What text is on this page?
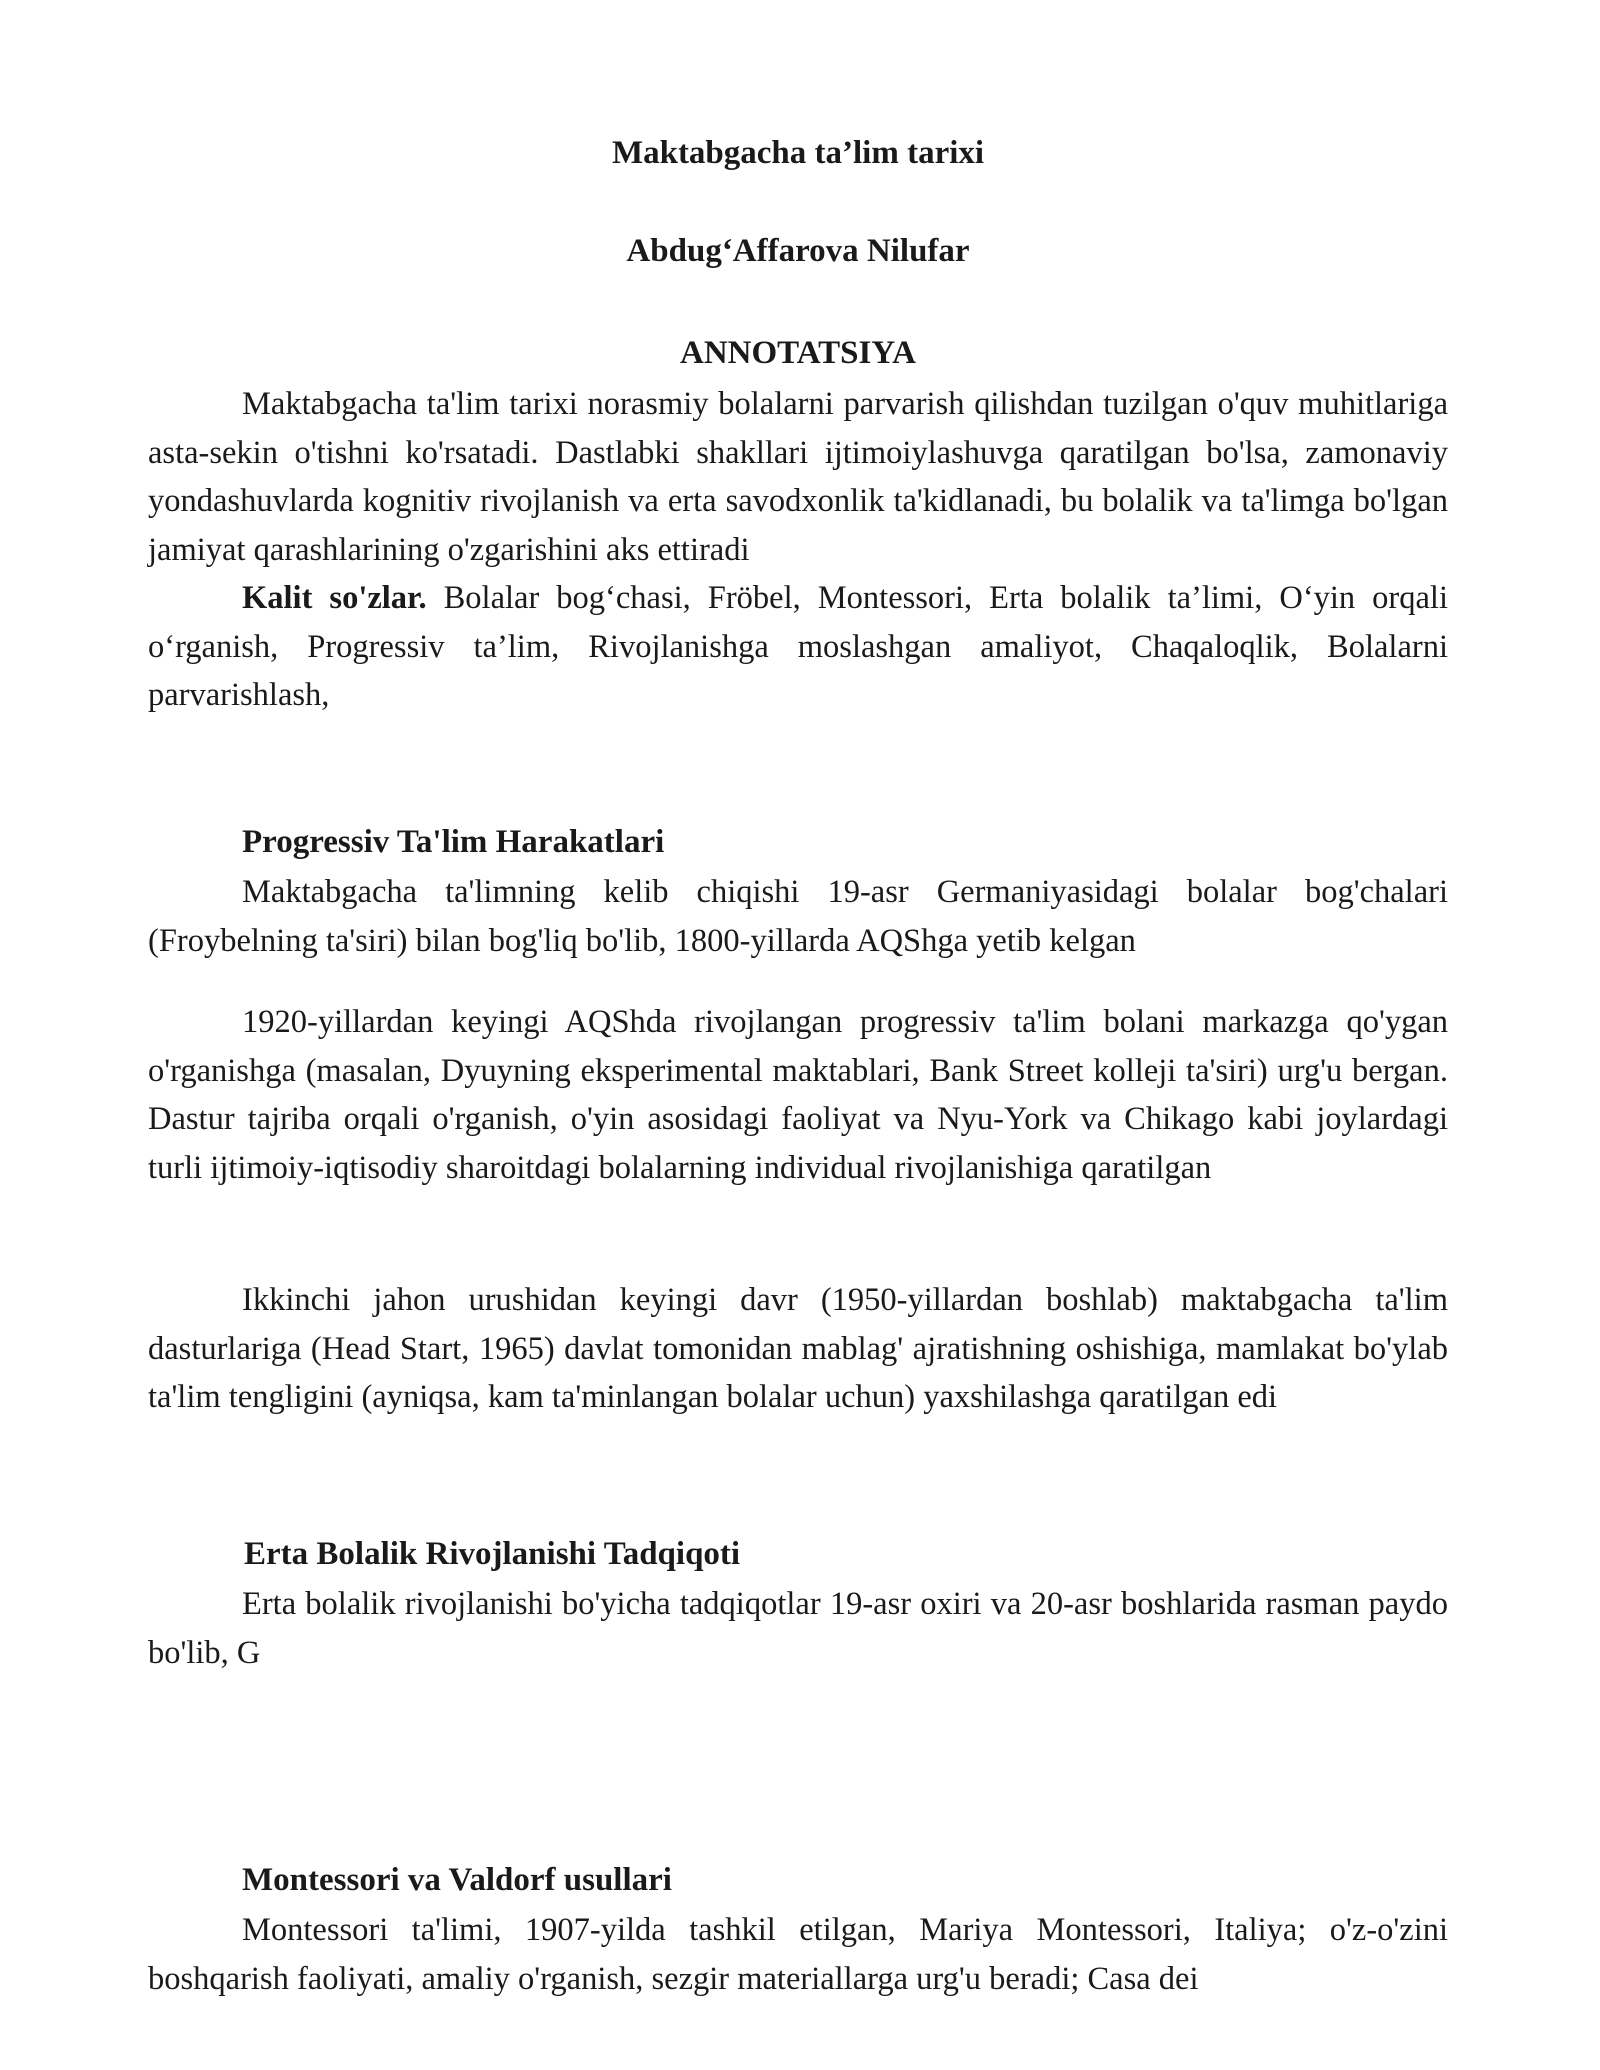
Maktabgacha ta’lim tarixi
Abdug‘Affarova Nilufar
ANNOTATSIYA

Maktabgacha ta'lim tarixi norasmiy bolalarni parvarish qilishdan tuzilgan o'quv muhitlariga asta-sekin o'tishni ko'rsatadi. Dastlabki shakllari ijtimoiylashuvga qaratilgan bo'lsa, zamonaviy yondashuvlarda kognitiv rivojlanish va erta savodxonlik ta'kidlanadi, bu bolalik va ta'limga bo'lgan jamiyat qarashlarining o'zgarishini aks ettiradi

Kalit so'zlar. Bolalar bog‘chasi, Fröbel, Montessori, Erta bolalik ta’limi, O‘yin orqali o‘rganish, Progressiv ta’lim, Rivojlanishga moslashgan amaliyot, Chaqaloqlik, Bolalarni parvarishlash,

Progressiv Ta'lim Harakatlari

Maktabgacha ta'limning kelib chiqishi 19-asr Germaniyasidagi bolalar bog'chalari (Froybelning ta'siri) bilan bog'liq bo'lib, 1800-yillarda AQShga yetib kelgan

1920-yillardan keyingi AQShda rivojlangan progressiv ta'lim bolani markazga qo'ygan o'rganishga (masalan, Dyuyning eksperimental maktablari, Bank Street kolleji ta'siri) urg'u bergan. Dastur tajriba orqali o'rganish, o'yin asosidagi faoliyat va Nyu-York va Chikago kabi joylardagi turli ijtimoiy-iqtisodiy sharoitdagi bolalarning individual rivojlanishiga qaratilgan

Ikkinchi jahon urushidan keyingi davr (1950-yillardan boshlab) maktabgacha ta'lim dasturlariga (Head Start, 1965) davlat tomonidan mablag' ajratishning oshishiga, mamlakat bo'ylab ta'lim tengligini (ayniqsa, kam ta'minlangan bolalar uchun) yaxshilashga qaratilgan edi

Erta Bolalik Rivojlanishi Tadqiqoti

Erta bolalik rivojlanishi bo'yicha tadqiqotlar 19-asr oxiri va 20-asr boshlarida rasman paydo bo'lib, G

Montessori va Valdorf usullari

Montessori ta'limi, 1907-yilda tashkil etilgan, Mariya Montessori, Italiya; o'z-o'zini boshqarish faoliyati, amaliy o'rganish, sezgir materiallarga urg'u beradi; Casa dei
